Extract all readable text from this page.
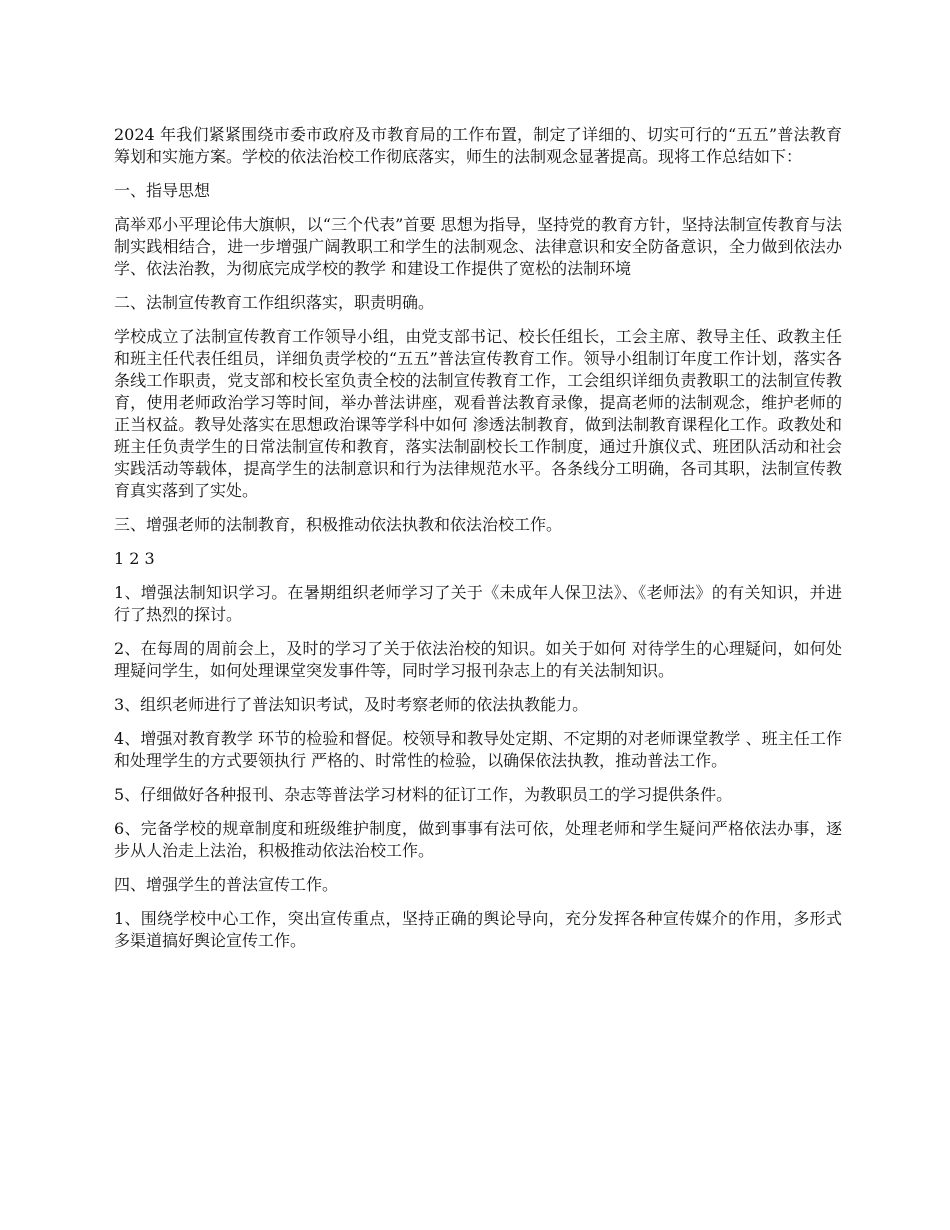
2024 年我们紧紧围绕市委市政府及市教育局的工作布置，制定了详细的、切实可行的“五五”普法教育筹划和实施方案。学校的依法治校工作彻底落实，师生的法制观念显著提高。现将工作总结如下：

一、指导思想

高举邓小平理论伟大旗帜，以“三个代表”首要 思想为指导，坚持党的教育方针，坚持法制宣传教育与法制实践相结合，进一步增强广阔教职工和学生的法制观念、法律意识和安全防备意识，全力做到依法办学、依法治教，为彻底完成学校的教学 和建设工作提供了宽松的法制环境

二、法制宣传教育工作组织落实，职责明确。

学校成立了法制宣传教育工作领导小组，由党支部书记、校长任组长，工会主席、教导主任、政教主任和班主任代表任组员，详细负责学校的“五五”普法宣传教育工作。领导小组制订年度工作计划，落实各条线工作职责，党支部和校长室负责全校的法制宣传教育工作，工会组织详细负责教职工的法制宣传教育，使用老师政治学习等时间，举办普法讲座，观看普法教育录像，提高老师的法制观念，维护老师的正当权益。教导处落实在思想政治课等学科中如何 渗透法制教育，做到法制教育课程化工作。政教处和班主任负责学生的日常法制宣传和教育，落实法制副校长工作制度，通过升旗仪式、班团队活动和社会实践活动等载体，提高学生的法制意识和行为法律规范水平。各条线分工明确，各司其职，法制宣传教育真实落到了实处。

三、增强老师的法制教育，积极推动依法执教和依法治校工作。

1 2 3

1、增强法制知识学习。在暑期组织老师学习了关于《未成年人保卫法》、《老师法》的有关知识，并进行了热烈的探讨。

2、在每周的周前会上，及时的学习了关于依法治校的知识。如关于如何 对待学生的心理疑问，如何处理疑问学生，如何处理课堂突发事件等，同时学习报刊杂志上的有关法制知识。

3、组织老师进行了普法知识考试，及时考察老师的依法执教能力。

4、增强对教育教学 环节的检验和督促。校领导和教导处定期、不定期的对老师课堂教学 、班主任工作和处理学生的方式要领执行 严格的、时常性的检验，以确保依法执教，推动普法工作。

5、仔细做好各种报刊、杂志等普法学习材料的征订工作，为教职员工的学习提供条件。

6、完备学校的规章制度和班级维护制度，做到事事有法可依，处理老师和学生疑问严格依法办事，逐步从人治走上法治，积极推动依法治校工作。

四、增强学生的普法宣传工作。

1、围绕学校中心工作，突出宣传重点，坚持正确的舆论导向，充分发挥各种宣传媒介的作用，多形式多渠道搞好舆论宣传工作。
